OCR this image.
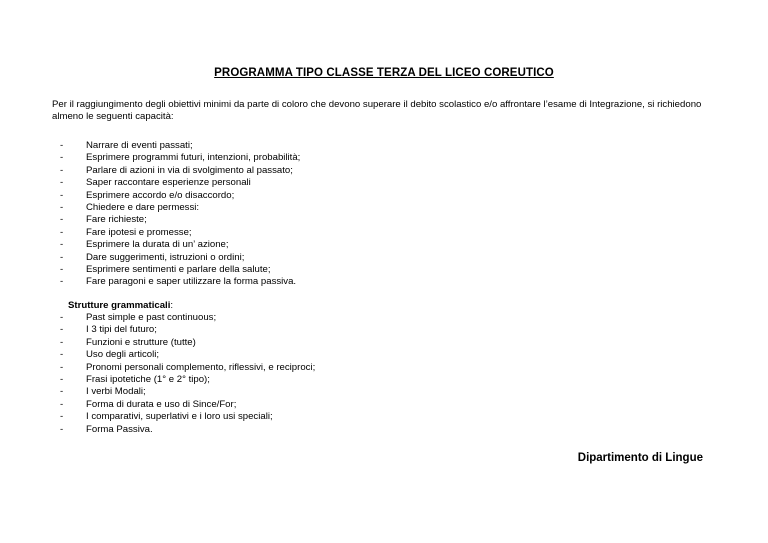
PROGRAMMA TIPO CLASSE TERZA DEL LICEO COREUTICO
Per il raggiungimento degli obiettivi minimi da parte di coloro che devono superare il debito scolastico e/o affrontare l’esame di Integrazione, si richiedono almeno le seguenti capacità:
- Narrare di eventi passati;
- Esprimere programmi futuri, intenzioni, probabilità;
- Parlare di azioni in via di svolgimento al passato;
- Saper raccontare esperienze personali
- Esprimere accordo e/o disaccordo;
- Chiedere e dare permessi:
- Fare richieste;
- Fare ipotesi e promesse;
- Esprimere la durata di un’ azione;
- Dare suggerimenti, istruzioni o ordini;
- Esprimere sentimenti e parlare della salute;
- Fare paragoni e saper utilizzare la forma passiva.
Strutture grammaticali:
- Past simple e past continuous;
- I 3 tipi del futuro;
- Funzioni e strutture (tutte)
- Uso degli articoli;
- Pronomi personali complemento, riflessivi, e reciproci;
- Frasi ipotetiche (1° e 2° tipo);
- I verbi Modali;
- Forma di durata e uso di Since/For;
- I comparativi, superlativi e i loro usi speciali;
- Forma Passiva.
Dipartimento di Lingue
